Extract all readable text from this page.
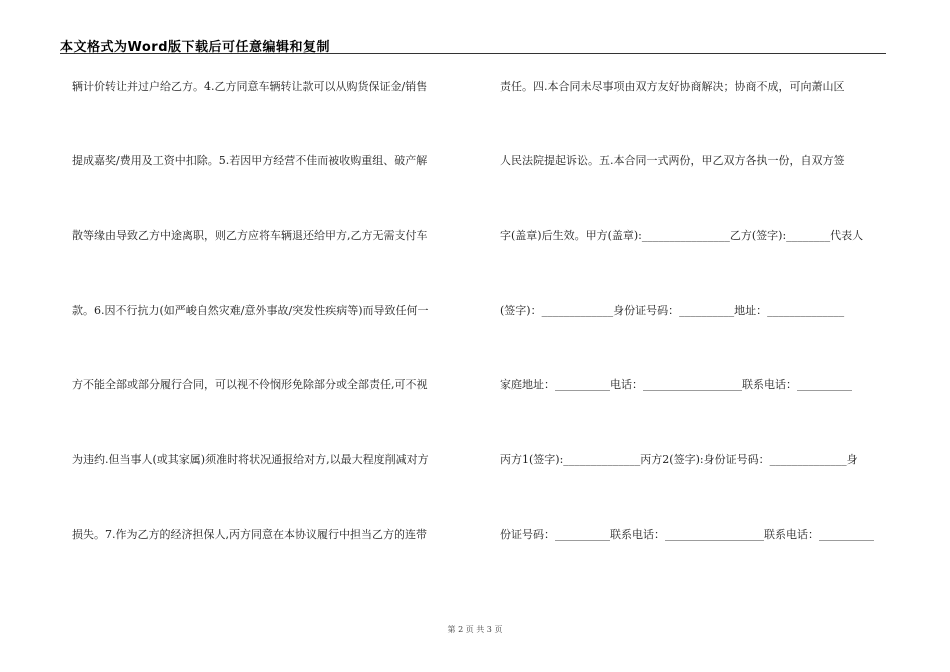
本文格式为Word版下载后可任意编辑和复制
辆计价转让并过户给乙方。4.乙方同意车辆转让款可以从购货保证金/销售
提成嘉奖/费用及工资中扣除。5.若因甲方经营不佳而被收购重组、破产解
散等缘由导致乙方中途离职，则乙方应将车辆退还给甲方,乙方无需支付车
款。6.因不行抗力(如严峻自然灾难/意外事故/突发性疾病等)而导致任何一
方不能全部或部分履行合同，可以视不伶悯形免除部分或全部责任,可不视
为违约.但当事人(或其家属)须准时将状况通报给对方,以最大程度削减对方
损失。7.作为乙方的经济担保人,丙方同意在本协议履行中担当乙方的连带
责任。四.本合同未尽事项由双方友好协商解决；协商不成，可向萧山区
人民法院提起诉讼。五.本合同一式两份，甲乙双方各执一份，自双方签
字(盖章)后生效。甲方(盖章):________________乙方(签字):________代表人
(签字)：_____________身份证号码：__________地址：______________
家庭地址：__________电话：__________________联系电话：__________
丙方1(签字):______________丙方2(签字):身份证号码：______________身
份证号码：__________联系电话：__________________联系电话：__________
第 2 页 共 3 页
